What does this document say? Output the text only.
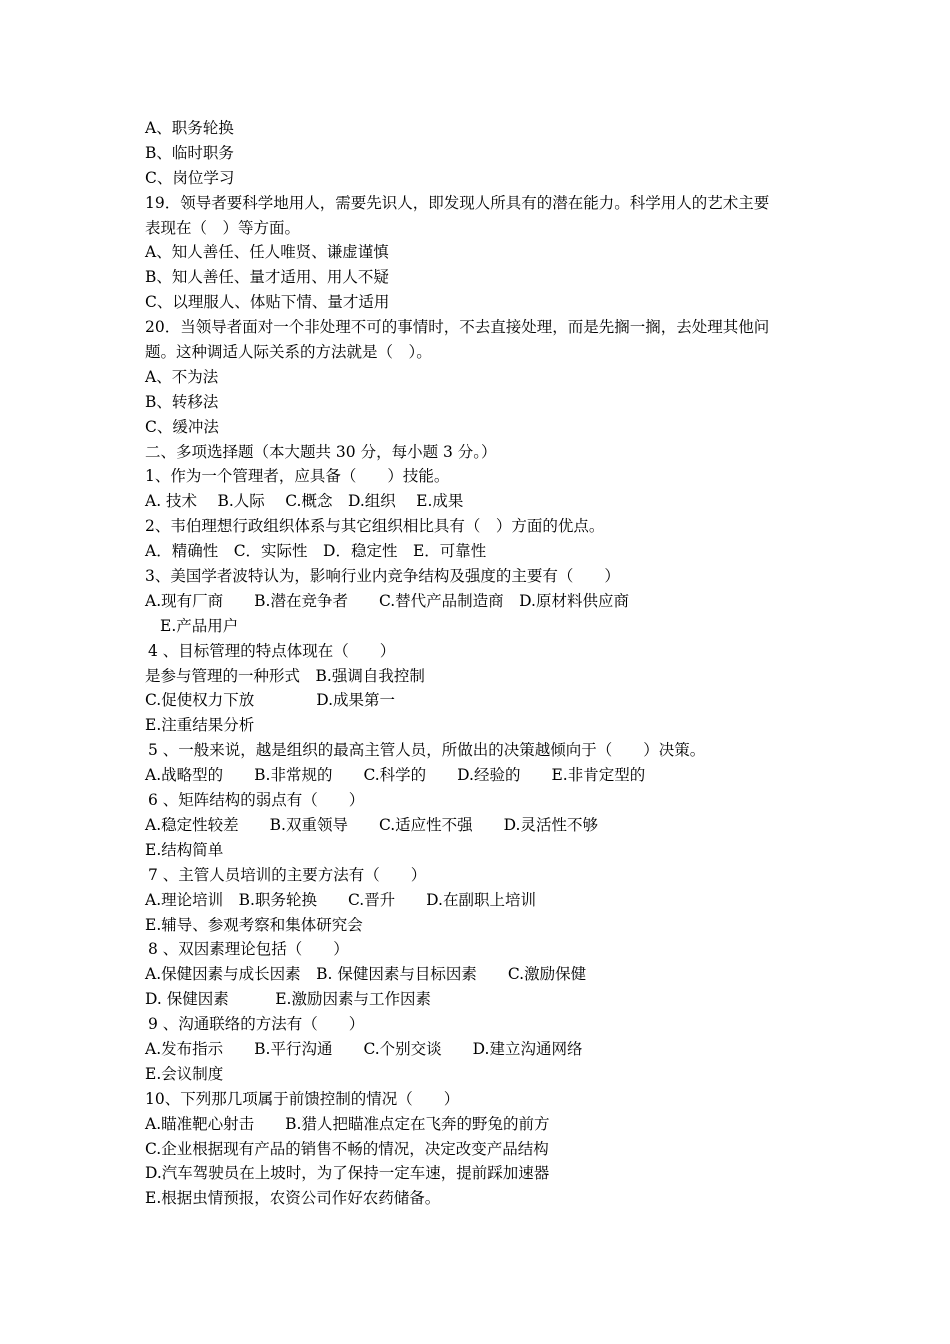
A、职务轮换
B、临时职务
C、岗位学习
19．领导者要科学地用人，需要先识人，即发现人所具有的潜在能力。科学用人的艺术主要
表现在（　）等方面。
A、知人善任、任人唯贤、谦虚谨慎
B、知人善任、量才适用、用人不疑
C、以理服人、体贴下情、量才适用
20．当领导者面对一个非处理不可的事情时，不去直接处理，而是先搁一搁，去处理其他问
题。这种调适人际关系的方法就是（　）。
A、不为法
B、转移法
C、缓冲法
二、多项选择题（本大题共 30 分，每小题 3 分。）
1、作为一个管理者，应具备（　　）技能。
A. 技术　 B.人际　 C.概念　D.组织　 E.成果
2、韦伯理想行政组织体系与其它组织相比具有（　）方面的优点。
A．精确性　C．实际性　D．稳定性　E．可靠性
3、美国学者波特认为，影响行业内竞争结构及强度的主要有（　　）
A.现有厂商　　B.潜在竞争者　　C.替代产品制造商　D.原材料供应商
E.产品用户
4 、目标管理的特点体现在（　　）
是参与管理的一种形式　B.强调自我控制
C.促使权力下放　　　　D.成果第一
E.注重结果分析
5 、一般来说，越是组织的最高主管人员，所做出的决策越倾向于（　　）决策。
A.战略型的　　B.非常规的　　C.科学的　　D.经验的　　E.非肯定型的
6 、矩阵结构的弱点有（　　）
A.稳定性较差　　B.双重领导　　C.适应性不强　　D.灵活性不够
E.结构简单
7 、主管人员培训的主要方法有（　　）
A.理论培训　B.职务轮换　　C.晋升　　D.在副职上培训
E.辅导、参观考察和集体研究会
8 、双因素理论包括（　　）
A.保健因素与成长因素　B. 保健因素与目标因素　　C.激励保健
D. 保健因素　　　E.激励因素与工作因素
9 、沟通联络的方法有（　　）
A.发布指示　　B.平行沟通　　C.个别交谈　　D.建立沟通网络
E.会议制度
10、下列那几项属于前馈控制的情况（　　）
A.瞄准靶心射击　　B.猎人把瞄准点定在飞奔的野兔的前方
C.企业根据现有产品的销售不畅的情况，决定改变产品结构
D.汽车驾驶员在上坡时，为了保持一定车速，提前踩加速器
E.根据虫情预报，农资公司作好农药储备。
